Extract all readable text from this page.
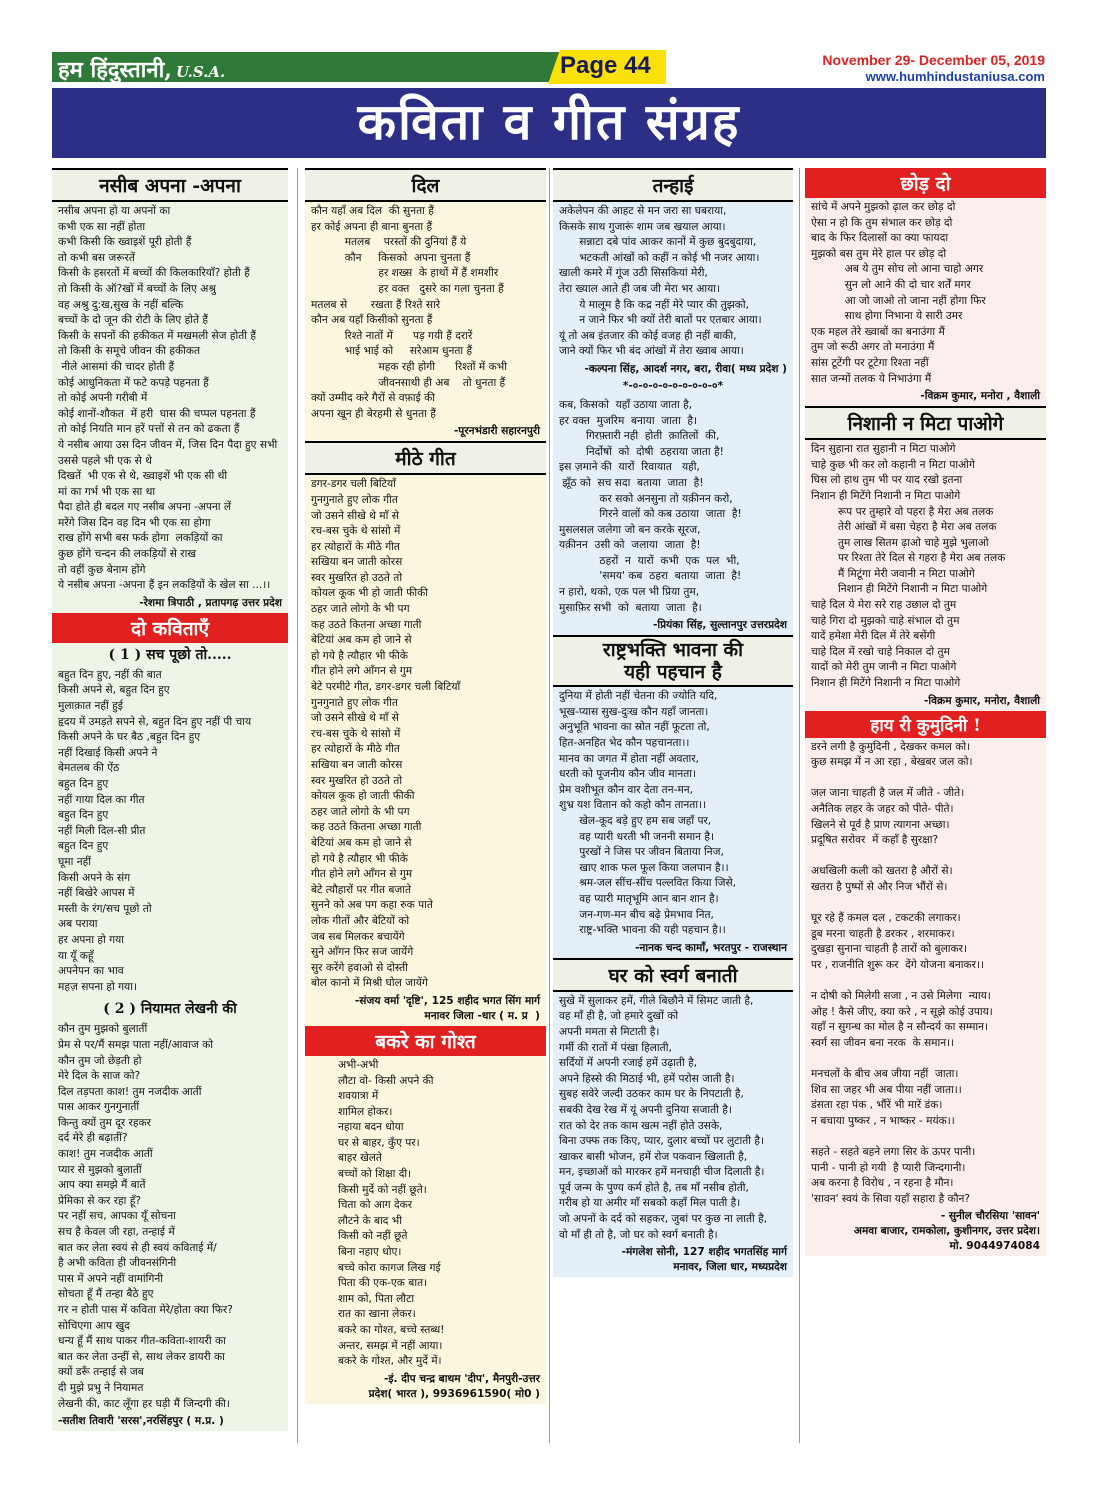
हम हिंदुस्तानी, U.S.A.	Page 44	November 29- December 05, 2019
www.humhindustaniusa.com
कविता व गीत संग्रह
नसीब अपना -अपना
नसीब अपना हो या अपनों का
कभी एक सा नहीं होता
कभी किसी कि ख्वाइशें पूरी होती हैं
तो कभी बस जरूरतें
किसी के हसरतों में बच्चों की किलकारियाँ? होती हैं
तो किसी के ऑ?खों में बच्चों के लिए अश्रु
वह अश्रु दु:ख,सुख के नहीं बल्कि
बच्चों के दो जून की रोटी के लिए होते हैं
किसी के सपनों की हकीकत में मखमली सेज होती हैं
तो किसी के समूचे जीवन की हकीकत
नीले आसमां की चादर होती हैं
कोई आधुनिकता में फटे कपड़े पहनता हैं
तो कोई अपनी गरीबी में
कोई शानों-शौकत  में हरी  घास की चप्पल पहनता हैं
तो कोई नियति मान हरें पत्तों से तन को ढकता हैं
ये नसीब आया उस दिन जीवन में, जिस दिन पैदा हुए सभी
उससे पहले भी एक से थे
दिखतें  भी एक से थे, ख्वाइशें भी एक सी थी
मां का गर्भ भी एक सा था
पैदा होते ही बदल गए नसीब अपना -अपना लें
मरेंगे जिस दिन वह दिन भी एक सा होगा
राख होंगे सभी बस फर्क होगा  लकड़ियों का
कुछ होंगे चन्दन की लकड़ियों से राख
तो वहीं कुछ बेनाम होंगे
ये नसीब अपना -अपना हैं इन लकड़ियों के खेल सा ...।।
-रेशमा त्रिपाठी , प्रतापगढ़ उत्तर प्रदेश
दो कविताएँ
( 1 ) सच पूछो तो.....
बहुत दिन हुए, नहीं की बात
किसी अपने से, बहुत दिन हुए
मुलाक़ात नहीं हुई
हृदय में उमड़ते सपने से, बहुत दिन हुए नहीं पी चाय
किसी अपने के घर बैठ ,बहुत दिन हुए
नहीं दिखाई किसी अपने ने
बेमतलब की ऐंठ
बहुत दिन हुए
नहीं गाया दिल का गीत
बहुत दिन हुए
नहीं मिली दिल-सी प्रीत
बहुत दिन हुए
घूमा नहीं
किसी अपने के संग
नहीं बिखेरे आपस में
मस्ती के रंग/सच पूछो तो
अब पराया
हर अपना हो गया
या यूँ कहूँ
अपनेपन का भाव
महज़ सपना हो गया।
( 2 ) नियामत लेखनी की
कौन तुम मुझको बुलातीं
प्रेम से पर/मैं समझ पाता नहीं/आवाज को
कौन तुम जो छेड़ती हो
मेरे दिल के साज को?
दिल तड़पता काश! तुम नजदीक आतीं
पास आकर गुनगुनातीं
किन्तु क्यों तुम दूर रहकर
दर्द मेरे ही बढ़ातीं?
काश! तुम नजदीक आतीं
प्यार से मुझको बुलातीं
आप क्या समझे मैं बातें
प्रेमिका से कर रहा हूँ?
पर नहीं सच, आपका यूँ सोचना
सच है केवल जी रहा, तन्हाई में
बात कर लेता स्वयं से ही स्वयं कविताई में/
है अभी कविता ही जीवनसंगिनी
पास में अपने नहीं वामांगिनी
सोचता हूँ मैं तन्हा बैठे हुए
गर न होती पास में कविता मेरे/होता क्या फिर?
सोचिएगा आप खुद
धन्य हूँ मैं साथ पाकर गीत-कविता-शायरी का
बात कर लेता उन्हीं से, साथ लेकर डायरी का
क्यों डरूँ तन्हाई से जब
दी मुझे प्रभु ने नियामत
लेखनी की, काट लूँगा हर घड़ी मैं जिन्दगी की।
-सतीश तिवारी 'सरस',नरसिंहपुर ( म.प्र. )
दिल
कौन यहाँ अब दिल  की सुनता हैं
हर कोई अपना ही बाना बुनता हैं
मतलब    परस्तों की दुनियां हैं ये
कौन     किसको  अपना चुनता हैं
हर शख्स  के हाथों में हैं शमशीर
हर वक्त   दुसरे का गला चुनता हैं
मतलब से       रखता हैं रिश्ते सारे
कौन अब यहाँ किसीको सुनता हैं
रिश्ते नातों में      पड़ गयी हैं दरारें
भाई भाई को     सरेआम धुनता हैं
महक रही होगी      रिश्तों में कभी
जीवनसाथी ही अब    तो धुनता हैं
क्यों उम्मीद करे गैरों से वफ़ाई की
अपना खून ही बेरहमी से धुनता हैं
-पूरनभंडारी सहारनपुरी
मीठे गीत
डगर-डगर चली बिटियाँ
गुनगुनाते हुए लोक गीत
जो उसने सीखे थे माँ से
रच-बस चुके थे सांसो में
हर त्योहारों के मीठे गीत
सखिया बन जाती कोरस
स्वर मुखरित हो उठते तो
कोयल कूक भी हो जाती फीकी
ठहर जाते लोगो के भी पग
कह उठते कितना अच्छा गाती
बेटियां अब कम हो जाने से
हो गये है त्यौहार भी फीके
गीत होने लगे आँगन से गुम
बेटे परमीटे गीत, डगर-डगर चली बिटियाँ
गुनगुनाते हुए लोक गीत
जो उसने सीखे थे माँ से
रच-बस चुके थे सांसो में
हर त्योहारों के मीठे गीत
सखिया बन जाती कोरस
स्वर मुखरित हो उठते तो
कोयल कूक हो जाती फीकी
ठहर जाते लोगो के भी पग
कह उठते कितना अच्छा गाती
बेटियां अब कम हो जाने से
हो गये है त्यौहार भी फीके
गीत होने लगे आँगन से गुम
बेटे त्यौहारों पर गीत बजाते
सुनने को अब पग कहा रुक पाते
लोक गीतों और बेटियों को
जब सब मिलकर बचायेंगे
सुने आँगन फिर सज जायेंगे
सुर करेंगे हवाओ से दोस्ती
बोल कानो में मिश्री घोल जायेंगे
-संजय वर्मा 'दृष्टि', 125 शहीद भगत सिंग मार्ग
मनावर जिला -धार ( म. प्र  )
बकरे का गोश्त
अभी-अभी
लौटा वो- किसी अपने की
शवयात्रा में
शामिल होकर।
नहाया बदन धोया
घर से बाहर, कुँए पर।
बाहर खेलते
बच्चों को शिक्षा दी।
किसी मुर्दे को नहीं छूते।
चिता को आग देकर
लौटने के बाद भी
किसी को नहीं छूते
बिना नहाए धोए।
बच्चे कोरा कागज लिख गई
पिता की एक-एक बात।
शाम को, पिता लौटा
रात का खाना लेकर।
बकरे का गोश्त, बच्चे स्तब्ध!
अन्तर, समझ में नहीं आया।
बकरे के गोश्त, और मुर्दे में।
-इं. दीप चन्द्र बाथम 'दीप', मैनपुरी-उत्तर
प्रदेश( भारत ), 9936961590( मो0 )
तन्हाई
अकेलेपन की आहट से मन जरा सा घबराया,
किसके साथ गुजारूं शाम जब खयाल आया।
सन्नाटा दबे पांव आकर कानों में कुछ बुदबुदाया,
भटकती आंखों को कहीं न कोई भी नजर आया।
खाली कमरे में गूंज उठी सिसकियां मेरी,
तेरा ख्याल आते ही जब जी मेरा भर आया।
ये मालूम है कि कद्र नहीं मेरे प्यार की तुझको,
न जाने फिर भी क्यों तेरी बातों पर एतबार आया।
यूं तो अब इंतजार की कोई वजह ही नहीं बाकी,
जाने क्यों फिर भी बंद आंखों में तेरा ख्वाब आया।
-कल्पना सिंह, आदर्श नगर, बरा, रीवा( मध्य प्रदेश )
*-०-०-०-०-०-०-०-०-०*
कब, किसको  यहाँ उठाया जाता है,
हर वक्त  मुजरिम  बनाया  जाता  है।
गिरफ़्तारी नही  होती  क़ातिलों  की,
निर्दोषों  को  दोषी  ठहराया जाता है!
इस ज़माने की  यारों  रिवायात   यही,
झूँठ को  सच सदा  बताया  जाता  है!
कर सको अनसुना तो यक़ीनन करो,
गिरने वालों को कब उठाया  जाता  है!
मुसलसल जलेगा जो बन करके सूरज,
यक़ीनन  उसी को  जलाया  जाता  है!
ठहरों  न  यारों  कभी  एक  पल  भी,
'समय' कब  ठहरा  बताया  जाता  है!
न हारो, थको, एक पल भी प्रिया तुम,
मुसाफ़िर सभी  को  बताया  जाता  है।
-प्रियंका सिंह, सुल्तानपुर उत्तरप्रदेश
राष्ट्रभक्ति भावना की
यही पहचान है
दुनिया में होती नहीं चेतना की ज्योति यदि,
भूख-प्यास सुख-दुःख कौन यहाँ जानता।
अनुभूति भावना का स्रोत नहीं फूटता तो,
हित-अनहित भेद कौन पहचानता।।
मानव का जगत में होता नहीं अवतार,
धरती को पूजनीय कौन जीव मानता।
प्रेम वशीभूत कौन वार देता तन-मन,
शुभ्र यश वितान को कहो कौन तानता।।
खेल-कूद बड़े हुए हम सब जहाँ पर,
वह प्यारी धरती भी जननी समान है।
पुरखों ने जिस पर जीवन बिताया निज,
खाए शाक फल फूल किया जलपान है।।
श्रम-जल सींच-सींच पल्लवित किया जिसे,
वह प्यारी मातृभूमि आन बान शान है।
जन-गण-मन बीच बढ़े प्रेमभाव नित,
राष्ट्र-भक्ति भावना की यही पहचान है।।
-नानक चन्द कामाँ, भरतपुर - राजस्थान
घर को स्वर्ग बनाती
सुखे में सुलाकर हमें, गीले बिछौने में सिमट जाती है,
वह माँ ही है, जो हमारे दुखों को
अपनी ममता से मिटाती है।
गर्मी की रातों में पंखा हिलाती,
सर्दियों में अपनी रजाई हमें उढ़ाती है,
अपने हिस्से की मिठाई भी, हमें परोस जाती है।
सुबह सवेरे जल्दी उठकर काम घर के निपटाती है,
सबकी देख रेख में यूं अपनी दुनिया सजाती है।
रात को देर तक काम खत्म नहीं होते उसके,
बिना उफ्फ तक किए, प्यार, दुलार बच्चों पर लुटाती है।
खाकर बासी भोजन, हमें रोज पकवान खिलाती है,
मन, इच्छाओं को मारकर हमें मनचाही चीज दिलाती है।
पूर्व जन्म के पुण्य कर्म होते है, तब माँ नसीब होती,
गरीब हो या अमीर माँ सबको कहाँ मिल पाती है।
जो अपनों के दर्द को सहकर, जुबां पर कुछ ना लाती है,
वो माँ ही तो है, जो घर को स्वर्ग बनाती है।
-मंगलेश सोनी, 127 शहीद भगतसिंह मार्ग
मनावर, जिला धार, मध्यप्रदेश
छोड़ दो
सांचे में अपने मुझको ढ़ाल कर छोड़ दो
ऐसा न हो कि तुम संभाल कर छोड़ दो
बाद के फिर दिलासों का क्या फायदा
मुझको बस तुम मेरे हाल पर छोड़ दो
अब ये तुम सोच लो आना चाहो अगर
सुन लो आने की दो चार शर्तें मगर
आ जो जाओ तो जाना नहीं होगा फिर
साथ होगा निभाना ये सारी उमर
एक महल तेरे ख्वाबों का बनाउंगा मैं
तुम जो रूठी अगर तो मनाउंगा मैं
सांस टूटेंगी पर टूटेगा रिश्ता नहीं
सात जन्मों तलक ये निभाउंगा मैं
-विक्रम कुमार, मनोरा , वैशाली
निशानी न मिटा पाओगे
दिन सुहाना रात सुहानी न मिटा पाओगे
चाहे कुछ भी कर लो कहानी न मिटा पाओगे
घिस लो हाथ तुम भी पर याद रखो इतना
निशान ही मिटेंगे निशानी न मिटा पाओगे
रूप पर तुम्हारे वो पहरा है मेरा अब तलक
तेरी आंखों में बसा चेहरा है मेरा अब तलक
तुम लाख सितम ढ़ाओ चाहे मुझे भुलाओ
पर रिश्ता तेरे दिल से गहरा है मेरा अब तलक
मैं मिटूंगा मेरी जवानी न मिटा पाओगे
निशान ही मिटेंगे निशानी न मिटा पाओगे
चाहे दिल ये मेरा सरे राह उछाल दो तुम
चाहे गिरा दो मुझको चाहे संभाल दो तुम
यादें हमेशा मेरी दिल में तेरे बसेंगी
चाहे दिल में रखो चाहे निकाल दो तुम
यादों को मेरी तुम जानी न मिटा पाओगे
निशान ही मिटेंगे निशानी न मिटा पाओगे
-विक्रम कुमार, मनोरा, वैशाली
हाय री कुमुदिनी !
डरने लगी है कुमुदिनी , देखकर कमल को।
कुछ समझ में न आ रहा , बेखबर जल को।

जल जाना चाहती है जल में जीते - जीते।
अनैतिक लहर के जहर को पीते- पीते।
खिलने से पूर्व है प्राण त्यागना अच्छा।
प्रदूषित सरोवर  में कहाँ है सुरक्षा?

अधखिली कली को खतरा है औरों से।
खतरा है पुष्पों से और निज भौंरों से।

घूर रहे हैं कमल दल , टकटकी लगाकर।
डूब मरना चाहती है डरकर , शरमाकर।
दुखड़ा सुनाना चाहती है तारों को बुलाकर।
पर , राजनीति शुरू कर  देंगे योजना बनाकर।।

न दोषी को मिलेगी सजा , न उसे मिलेगा  न्याय।
ओह ! कैसे जीए, क्या करे , न सूझे कोई उपाय।
यहाँ न सुगन्ध का मोल है न सौन्दर्य का सम्मान।
स्वर्ग सा जीवन बना नरक  के समान।।

मनचलों के बीच अब जीया नहीं  जाता।
शिव सा जहर भी अब पीया नहीं जाता।।
डंसता रहा पंक , भौंरें भी मारें डंक।
न बचाया पुष्कर , न भाष्कर - मयंक।।

सहते - सहते बहने लगा सिर के ऊपर पानी।
पानी - पानी हो गयी  है प्यारी जिन्दगानी।
अब करना है विरोध , न रहना है मौन।
'सावन' स्वयं के सिवा यहाँ सहारा है कौन?
- सुनील चौरसिया 'सावन'
अमवा बाजार, रामकोला, कुशीनगर, उत्तर प्रदेश।
मो. 9044974084
